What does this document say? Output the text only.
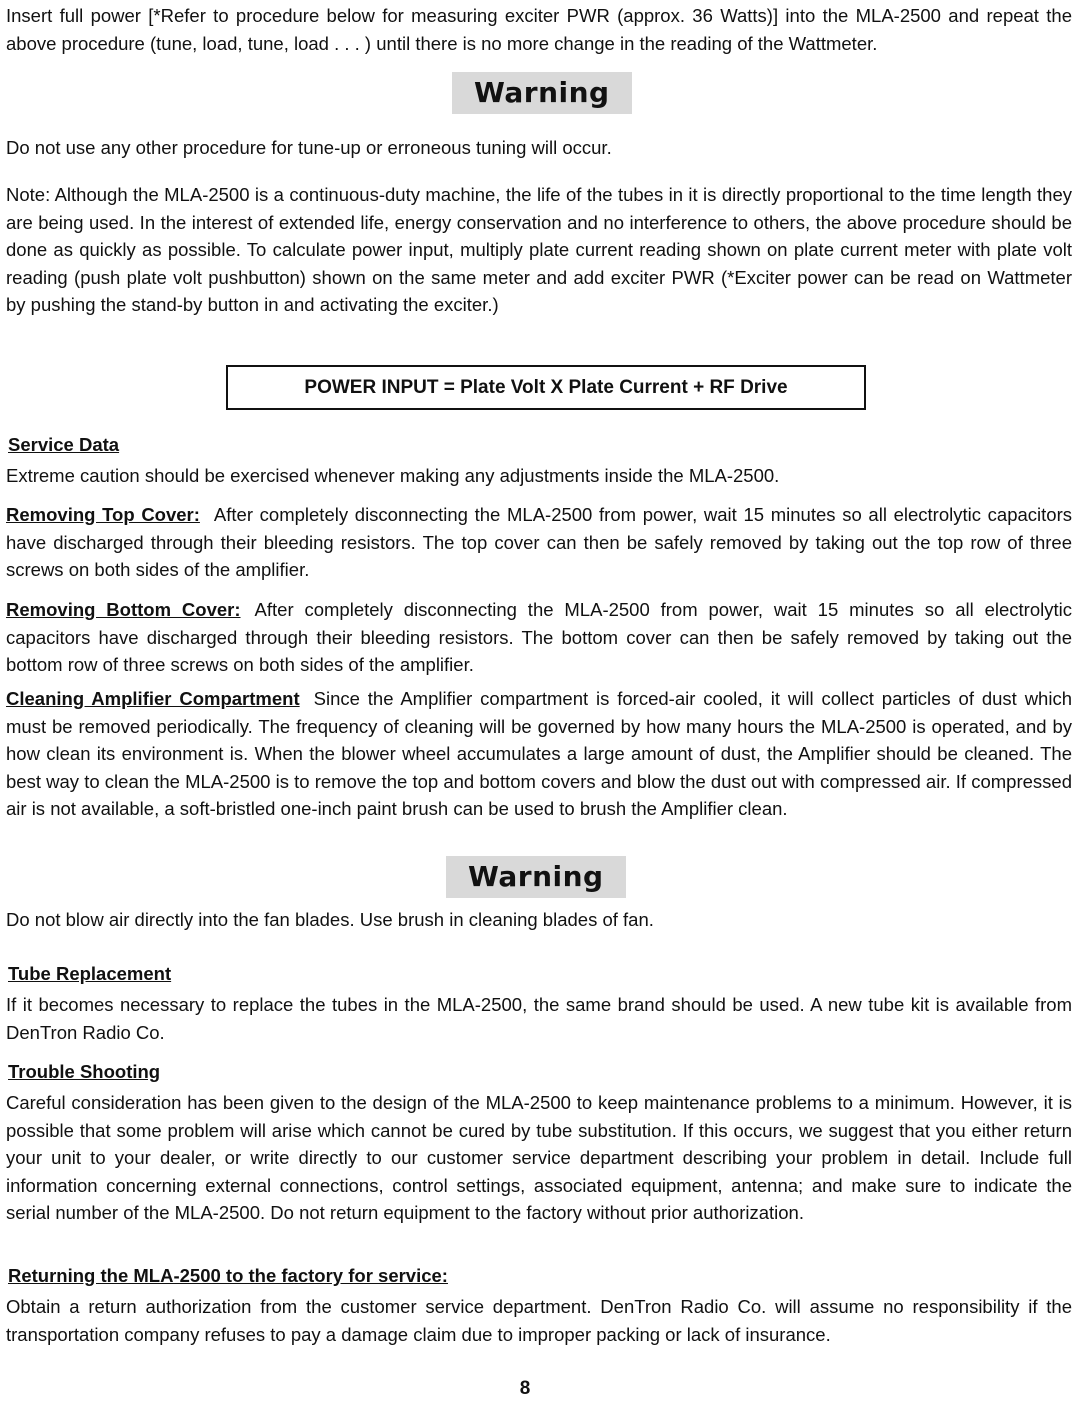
Insert full power [*Refer to procedure below for measuring exciter PWR (approx. 36 Watts)] into the MLA-2500 and repeat the above procedure (tune, load, tune, load . . . ) until there is no more change in the reading of the Wattmeter.

Warning

Do not use any other procedure for tune-up or erroneous tuning will occur.

Note: Although the MLA-2500 is a continuous-duty machine, the life of the tubes in it is directly proportional to the time length they are being used. In the interest of extended life, energy conservation and no interference to others, the above procedure should be done as quickly as possible. To calculate power input, multiply plate current reading shown on plate current meter with plate volt reading (push plate volt pushbutton) shown on the same meter and add exciter PWR (*Exciter power can be read on Wattmeter by pushing the stand-by button in and activating the exciter.)

POWER INPUT = Plate Volt X Plate Current + RF Drive

Service Data

Extreme caution should be exercised whenever making any adjustments inside the MLA-2500.

Removing Top Cover: After completely disconnecting the MLA-2500 from power, wait 15 minutes so all electrolytic capacitors have discharged through their bleeding resistors. The top cover can then be safely removed by taking out the top row of three screws on both sides of the amplifier.

Removing Bottom Cover: After completely disconnecting the MLA-2500 from power, wait 15 minutes so all electrolytic capacitors have discharged through their bleeding resistors. The bottom cover can then be safely removed by taking out the bottom row of three screws on both sides of the amplifier.

Cleaning Amplifier Compartment Since the Amplifier compartment is forced-air cooled, it will collect particles of dust which must be removed periodically. The frequency of cleaning will be governed by how many hours the MLA-2500 is operated, and by how clean its environment is. When the blower wheel accumulates a large amount of dust, the Amplifier should be cleaned. The best way to clean the MLA-2500 is to remove the top and bottom covers and blow the dust out with compressed air. If compressed air is not available, a soft-bristled one-inch paint brush can be used to brush the Amplifier clean.

Warning

Do not blow air directly into the fan blades. Use brush in cleaning blades of fan.

Tube Replacement

If it becomes necessary to replace the tubes in the MLA-2500, the same brand should be used. A new tube kit is available from DenTron Radio Co.

Trouble Shooting

Careful consideration has been given to the design of the MLA-2500 to keep maintenance problems to a minimum. However, it is possible that some problem will arise which cannot be cured by tube substitution. If this occurs, we suggest that you either return your unit to your dealer, or write directly to our customer service department describing your problem in detail. Include full information concerning external connections, control settings, associated equipment, antenna; and make sure to indicate the serial number of the MLA-2500. Do not return equipment to the factory without prior authorization.

Returning the MLA-2500 to the factory for service:

Obtain a return authorization from the customer service department. DenTron Radio Co. will assume no responsibility if the transportation company refuses to pay a damage claim due to improper packing or lack of insurance.

8
